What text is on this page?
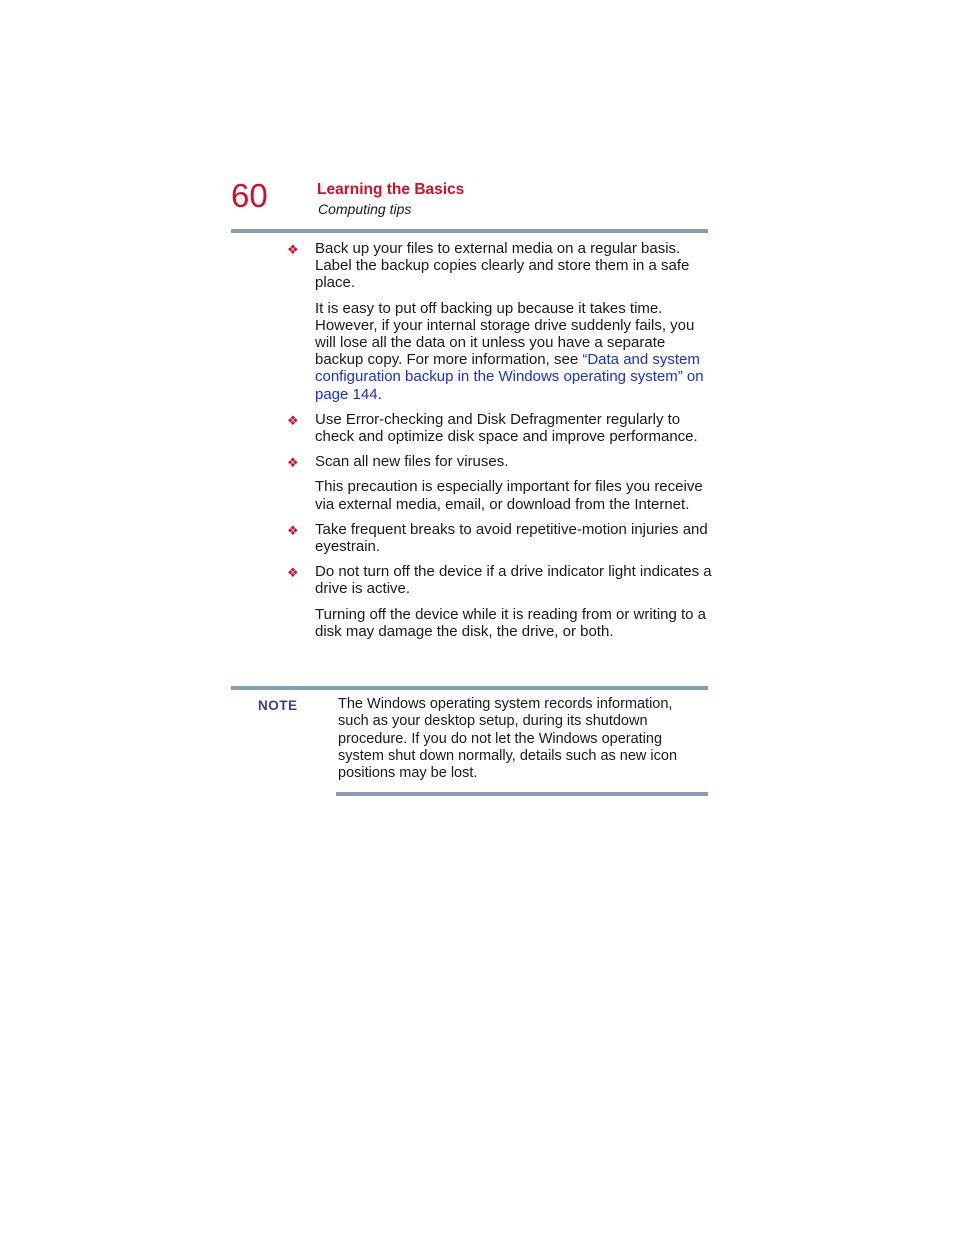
60	Learning the Basics
Computing tips
❖ Back up your files to external media on a regular basis. Label the backup copies clearly and store them in a safe place.

It is easy to put off backing up because it takes time. However, if your internal storage drive suddenly fails, you will lose all the data on it unless you have a separate backup copy. For more information, see “Data and system configuration backup in the Windows operating system” on page 144.

❖ Use Error-checking and Disk Defragmenter regularly to check and optimize disk space and improve performance.

❖ Scan all new files for viruses.

This precaution is especially important for files you receive via external media, email, or download from the Internet.

❖ Take frequent breaks to avoid repetitive-motion injuries and eyestrain.

❖ Do not turn off the device if a drive indicator light indicates a drive is active.

Turning off the device while it is reading from or writing to a disk may damage the disk, the drive, or both.

NOTE	The Windows operating system records information, such as your desktop setup, during its shutdown procedure. If you do not let the Windows operating system shut down normally, details such as new icon positions may be lost.
